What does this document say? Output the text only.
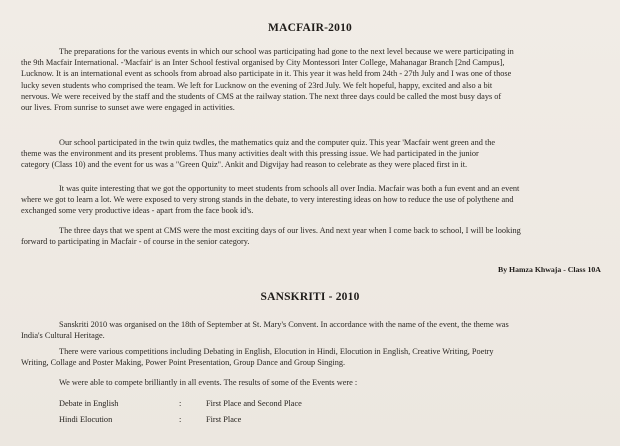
MACFAIR-2010
The preparations for the various events in which our school was participating had gone to the next level because we were participating in
the 9th Macfair International. -'Macfair' is an Inter School festival organised by City Montessori Inter College, Mahanagar Branch [2nd Campus],
Lucknow. It is an international event as schools from abroad also participate in it. This year it was held from 24th - 27th July and I was one of those
lucky seven students who comprised the team. We left for Lucknow on the evening of 23rd July. We felt hopeful, happy, excited and also a bit
nervous. We were received by the staff and the students of CMS at the railway station. The next three days could be called the most busy days of
our lives. From sunrise to sunset awe were engaged in activities.
Our school participated in the twin quiz twdles, the mathematics quiz and the computer quiz. This year 'Macfair went green and the
theme was the environment and its present problems. Thus many activities dealt with this pressing issue. We had participated in the junior
category (Class 10) and the event for us was a "Green Quiz". Ankit and Digvijay had reason to celebrate as they were placed first in it.
It was quite interesting that we got the opportunity to meet students from schools all over India. Macfair was both a fun event and an event
where we got to learn a lot. We were exposed to very strong stands in the debate, to very interesting ideas on how to reduce the use of polythene and
exchanged some very productive ideas - apart from the face book id's.
The three days that we spent at CMS were the most exciting days of our lives. And next year when I come back to school, I will be looking
forward to participating in Macfair - of course in the senior category.
By Hamza Khwaja - Class 10A
SANSKRITI - 2010
Sanskriti 2010 was organised on the 18th of September at St. Mary's Convent. In accordance with the name of the event, the theme was
India's Cultural Heritage.
There were various competitions including Debating in English, Elocution in Hindi, Elocution in English, Creative Writing, Poetry
Writing, Collage and Poster Making, Power Point Presentation, Group Dance and Group Singing.
We were able to compete brilliantly in all events. The results of some of the Events were :
Debate in English	:	First Place and Second Place
Hindi Elocution	:	First Place
